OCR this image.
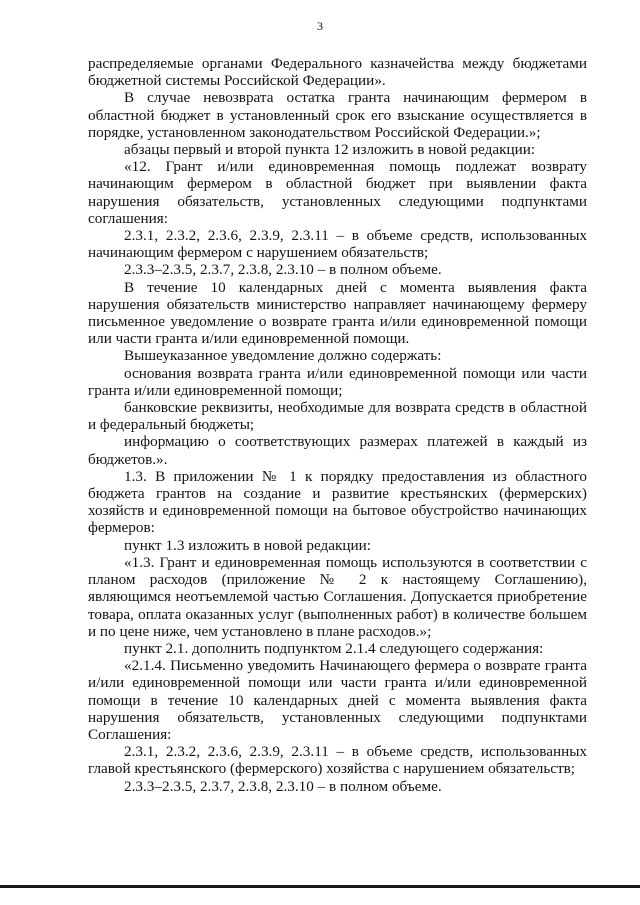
3

распределяемые органами Федерального казначейства между бюджетами бюджетной системы Российской Федерации».

В случае невозврата остатка гранта начинающим фермером в областной бюджет в установленный срок его взыскание осуществляется в порядке, установленном законодательством Российской Федерации.»;

абзацы первый и второй пункта 12 изложить в новой редакции:

«12. Грант и/или единовременная помощь подлежат возврату начинающим фермером в областной бюджет при выявлении факта нарушения обязательств, установленных следующими подпунктами соглашения:

2.3.1, 2.3.2, 2.3.6, 2.3.9, 2.3.11 – в объеме средств, использованных начинающим фермером с нарушением обязательств;

2.3.3–2.3.5, 2.3.7, 2.3.8, 2.3.10 – в полном объеме.

В течение 10 календарных дней с момента выявления факта нарушения обязательств министерство направляет начинающему фермеру письменное уведомление о возврате гранта и/или единовременной помощи или части гранта и/или единовременной помощи.

Вышеуказанное уведомление должно содержать:

основания возврата гранта и/или единовременной помощи или части гранта и/или единовременной помощи;

банковские реквизиты, необходимые для возврата средств в областной и федеральный бюджеты;

информацию о соответствующих размерах платежей в каждый из бюджетов.».

1.3. В приложении № 1 к порядку предоставления из областного бюджета грантов на создание и развитие крестьянских (фермерских) хозяйств и единовременной помощи на бытовое обустройство начинающих фермеров:

пункт 1.3 изложить в новой редакции:

«1.3. Грант и единовременная помощь используются в соответствии с планом расходов (приложение № 2 к настоящему Соглашению), являющимся неотъемлемой частью Соглашения. Допускается приобретение товара, оплата оказанных услуг (выполненных работ) в количестве большем и по цене ниже, чем установлено в плане расходов.»;

пункт 2.1. дополнить подпунктом 2.1.4 следующего содержания:

«2.1.4. Письменно уведомить Начинающего фермера о возврате гранта и/или единовременной помощи или части гранта и/или единовременной помощи в течение 10 календарных дней с момента выявления факта нарушения обязательств, установленных следующими подпунктами Соглашения:

2.3.1, 2.3.2, 2.3.6, 2.3.9, 2.3.11 – в объеме средств, использованных главой крестьянского (фермерского) хозяйства с нарушением обязательств;

2.3.3–2.3.5, 2.3.7, 2.3.8, 2.3.10 – в полном объеме.
